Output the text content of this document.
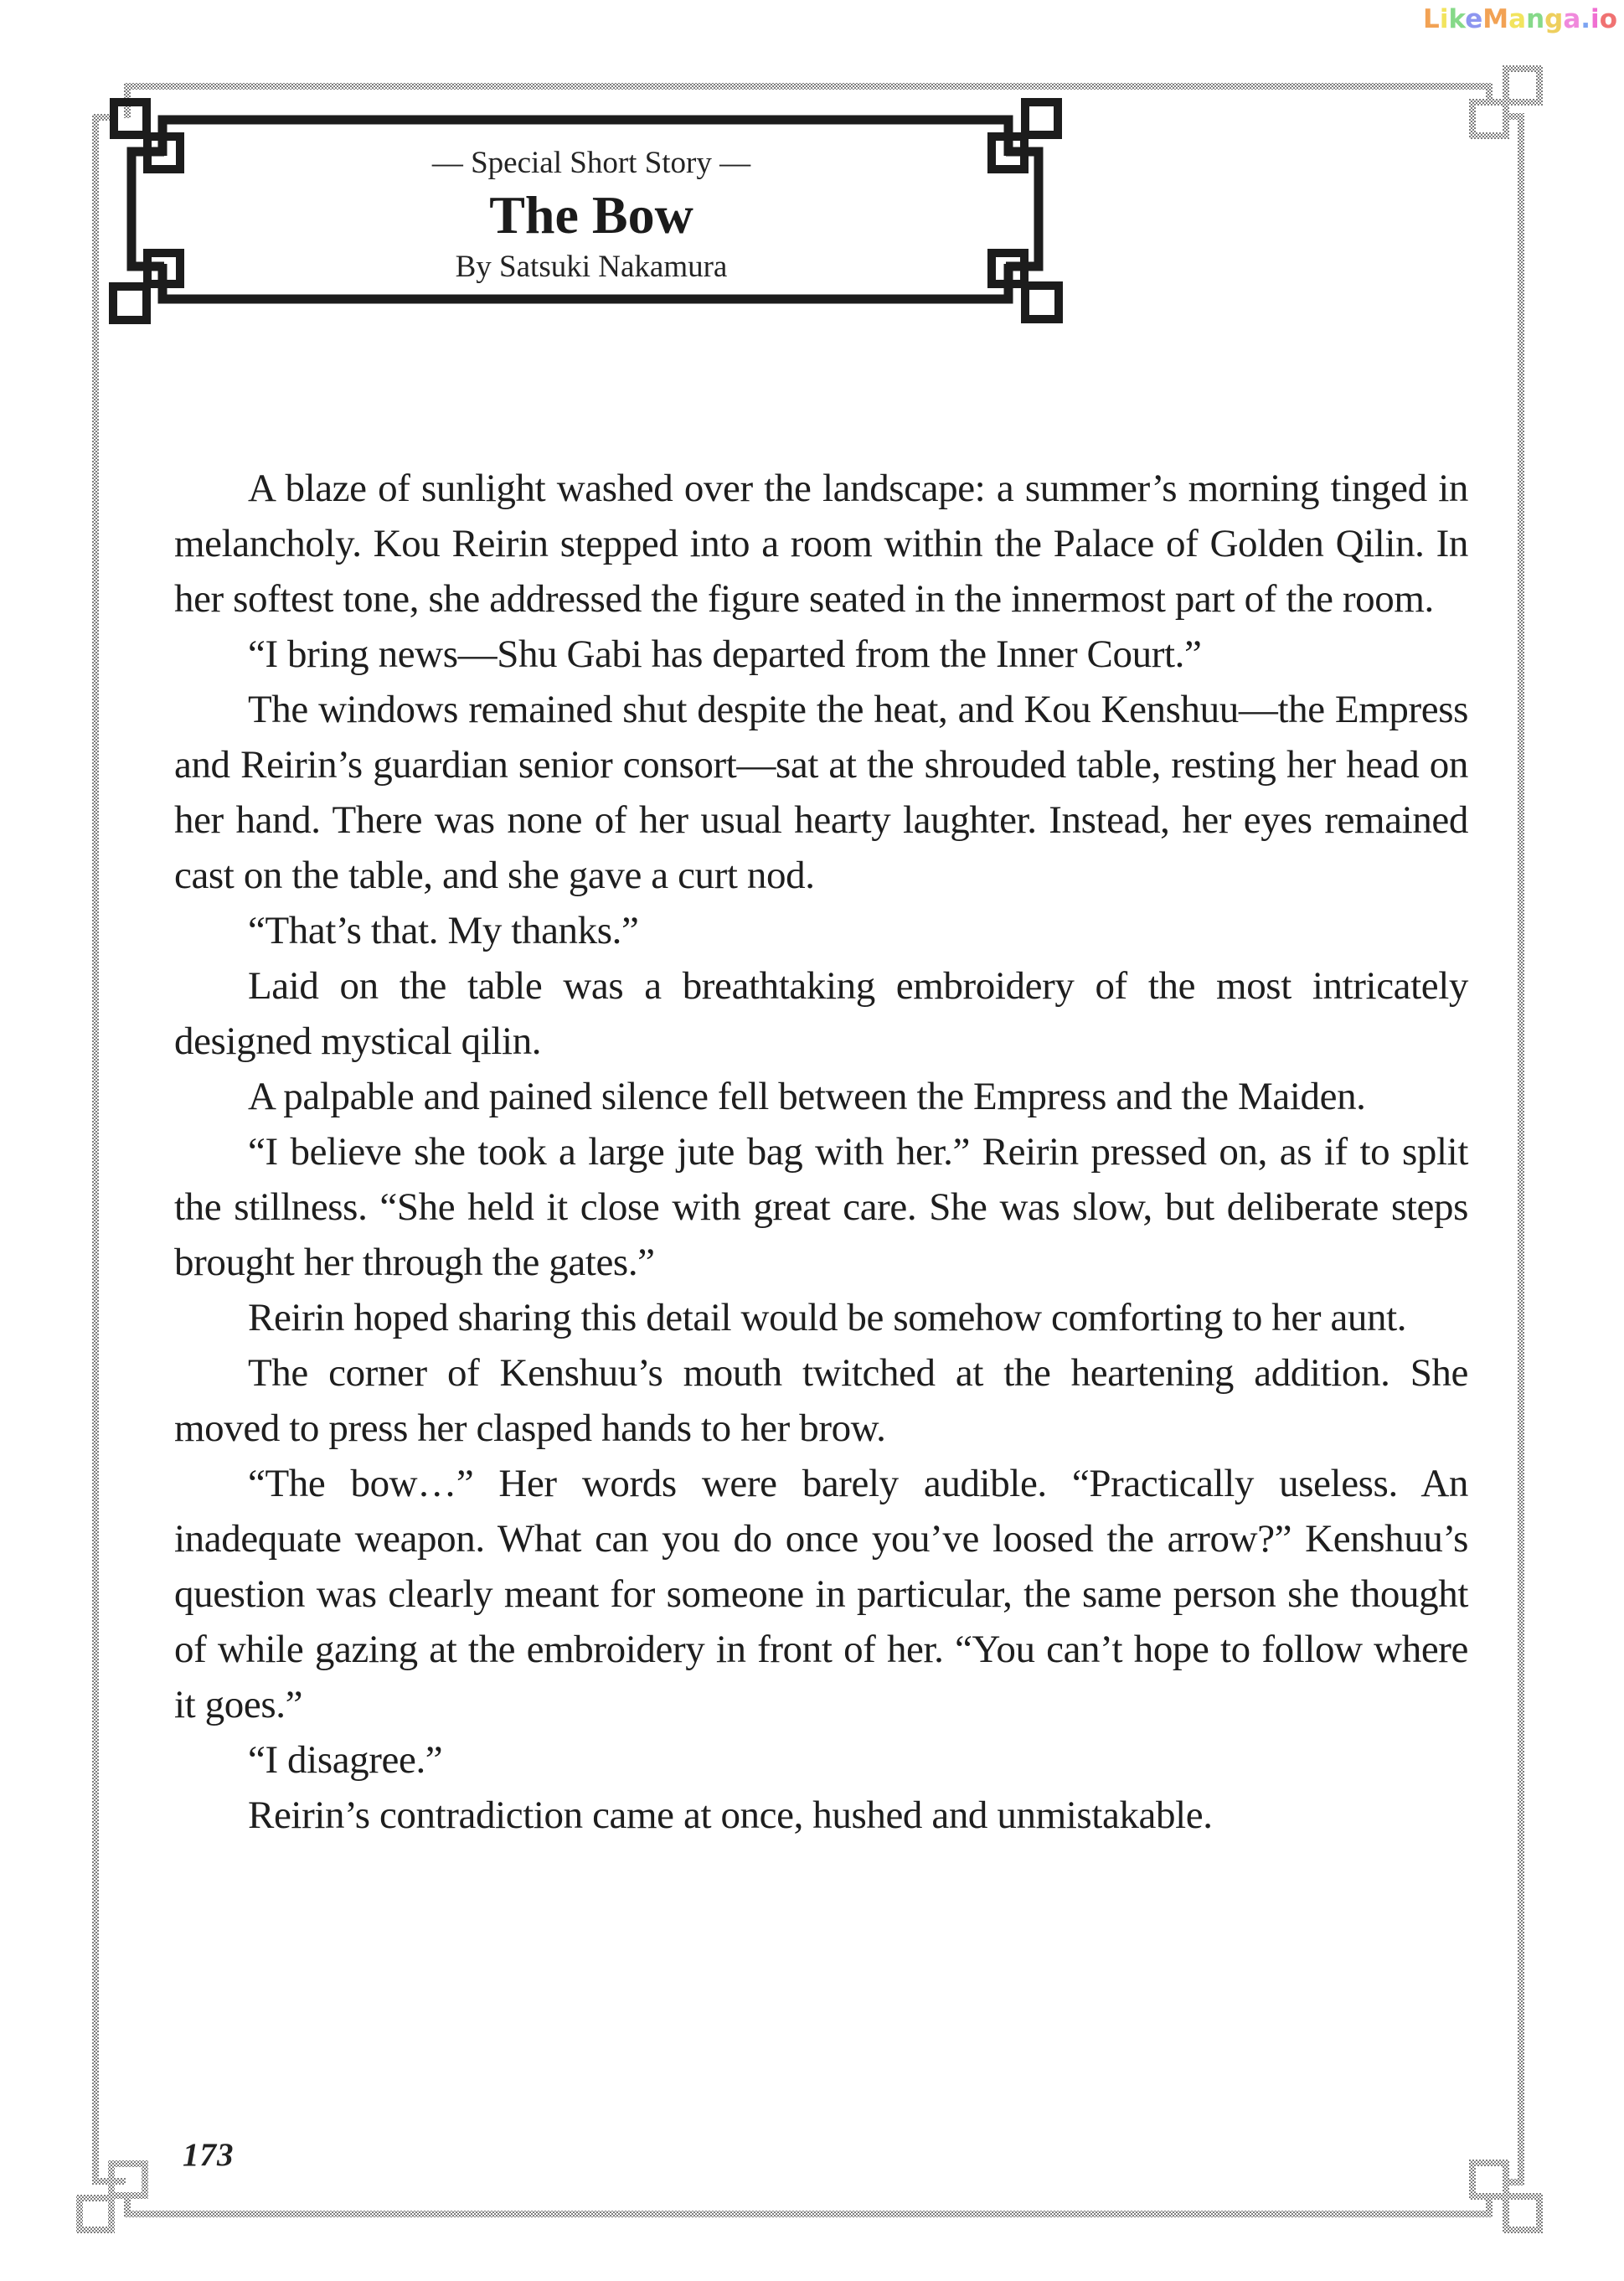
LikeManga.io
— Special Short Story —
The Bow
By Satsuki Nakamura

A blaze of sunlight washed over the landscape: a summer’s morning tinged in melancholy. Kou Reirin stepped into a room within the Palace of Golden Qilin. In her softest tone, she addressed the figure seated in the innermost part of the room.

“I bring news—Shu Gabi has departed from the Inner Court.”

The windows remained shut despite the heat, and Kou Kenshuu—the Empress and Reirin’s guardian senior consort—sat at the shrouded table, resting her head on her hand. There was none of her usual hearty laughter. Instead, her eyes remained cast on the table, and she gave a curt nod.

“That’s that. My thanks.”

Laid on the table was a breathtaking embroidery of the most intricately designed mystical qilin.

A palpable and pained silence fell between the Empress and the Maiden.

“I believe she took a large jute bag with her.” Reirin pressed on, as if to split the stillness. “She held it close with great care. She was slow, but deliberate steps brought her through the gates.”

Reirin hoped sharing this detail would be somehow comforting to her aunt.

The corner of Kenshuu’s mouth twitched at the heartening addition. She moved to press her clasped hands to her brow.

“The bow…” Her words were barely audible. “Practically useless. An inadequate weapon. What can you do once you’ve loosed the arrow?” Kenshuu’s question was clearly meant for someone in particular, the same person she thought of while gazing at the embroidery in front of her. “You can’t hope to follow where it goes.”

“I disagree.”

Reirin’s contradiction came at once, hushed and unmistakable.

173
